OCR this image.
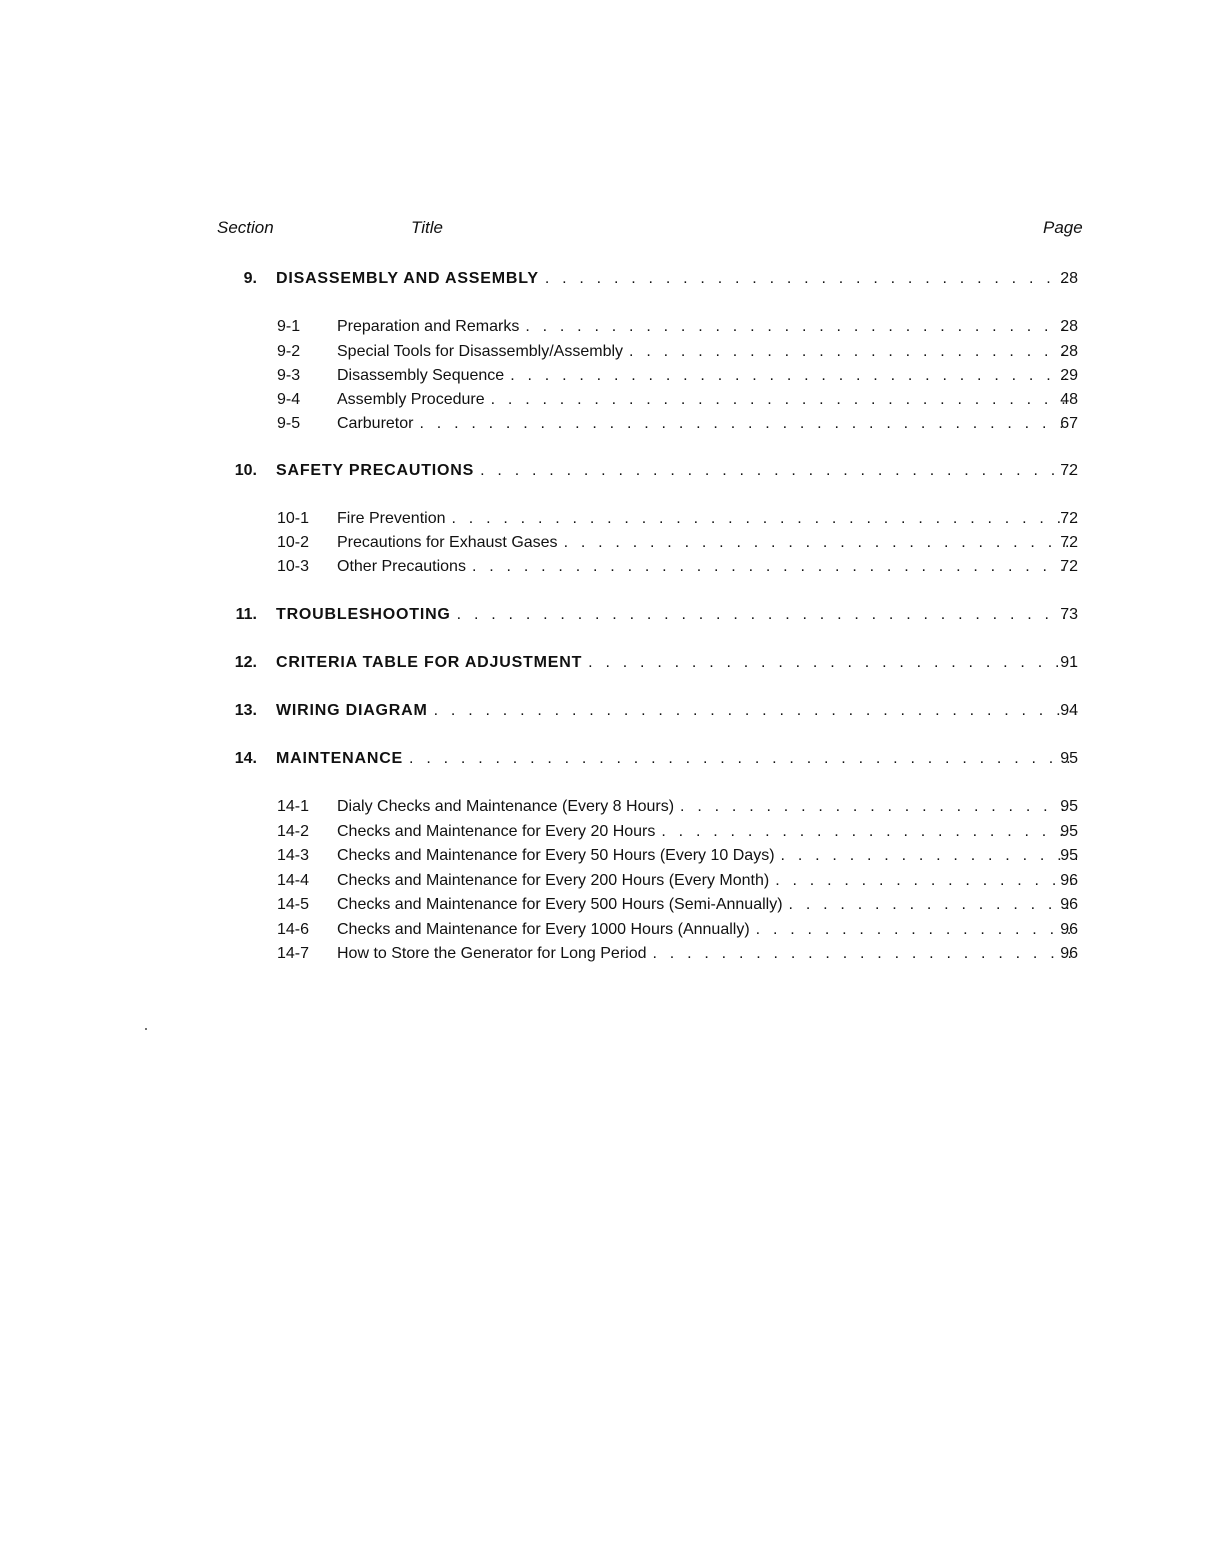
Section	Title	Page
9. DISASSEMBLY AND ASSEMBLY . . .	28
9-1 Preparation and Remarks . . .	28
9-2 Special Tools for Disassembly/Assembly . . .	28
9-3 Disassembly Sequence . . .	29
9-4 Assembly Procedure . . .	48
9-5 Carburetor . . .	67
10. SAFETY PRECAUTIONS . . .	72
10-1 Fire Prevention . . .	72
10-2 Precautions for Exhaust Gases . . .	72
10-3 Other Precautions . . .	72
11. TROUBLESHOOTING . . .	73
12. CRITERIA TABLE FOR ADJUSTMENT . . .	91
13. WIRING DIAGRAM . . .	94
14. MAINTENANCE . . .	95
14-1 Dialy Checks and Maintenance (Every 8 Hours) . . .	95
14-2 Checks and Maintenance for Every 20 Hours . . .	95
14-3 Checks and Maintenance for Every 50 Hours (Every 10 Days) . . .	95
14-4 Checks and Maintenance for Every 200 Hours (Every Month) . . .	96
14-5 Checks and Maintenance for Every 500 Hours (Semi-Annually) . . .	96
14-6 Checks and Maintenance for Every 1000 Hours (Annually) . . .	96
14-7 How to Store the Generator for Long Period . . .	96
